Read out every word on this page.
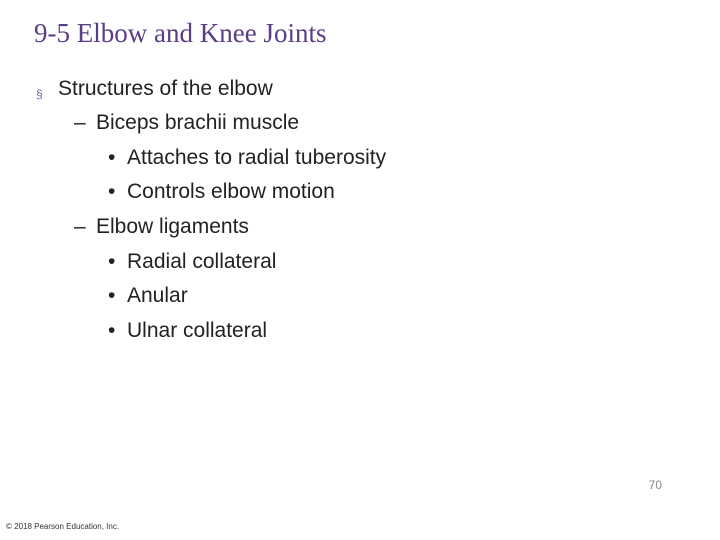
9-5 Elbow and Knee Joints
§ Structures of the elbow
– Biceps brachii muscle
• Attaches to radial tuberosity
• Controls elbow motion
– Elbow ligaments
• Radial collateral
• Anular
• Ulnar collateral
70
© 2018 Pearson Education, Inc.
